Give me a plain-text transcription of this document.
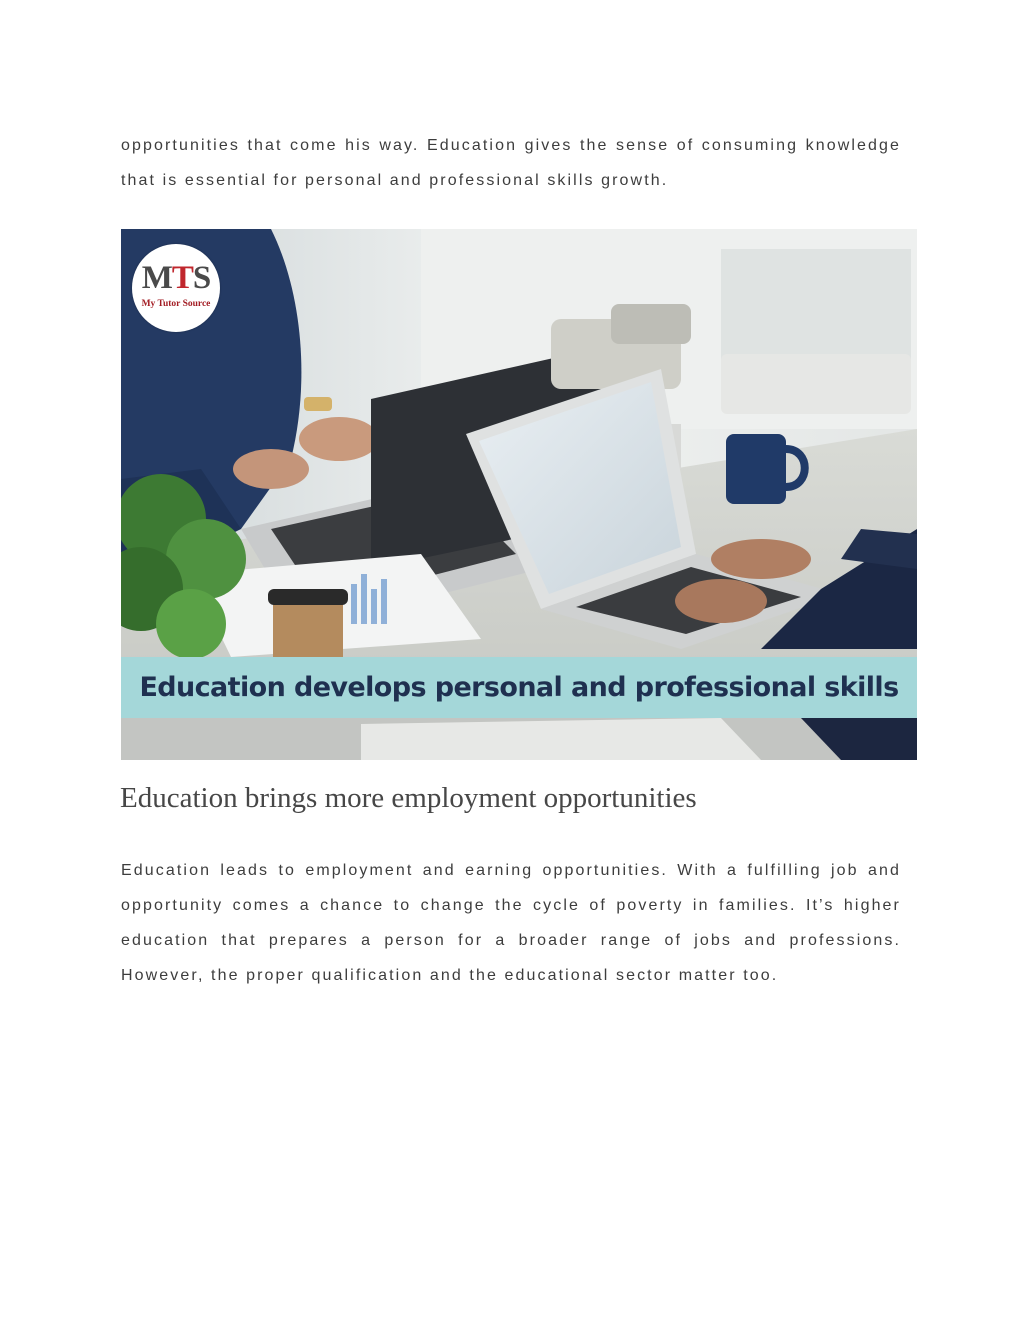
opportunities that come his way. Education gives the sense of consuming knowledge that is essential for personal and professional skills growth.

MTS
My Tutor Source
Education develops personal and professional skills
Education brings more employment opportunities

Education leads to employment and earning opportunities. With a fulfilling job and opportunity comes a chance to change the cycle of poverty in families. It’s higher education that prepares a person for a broader range of jobs and professions. However, the proper qualification and the educational sector matter too.
